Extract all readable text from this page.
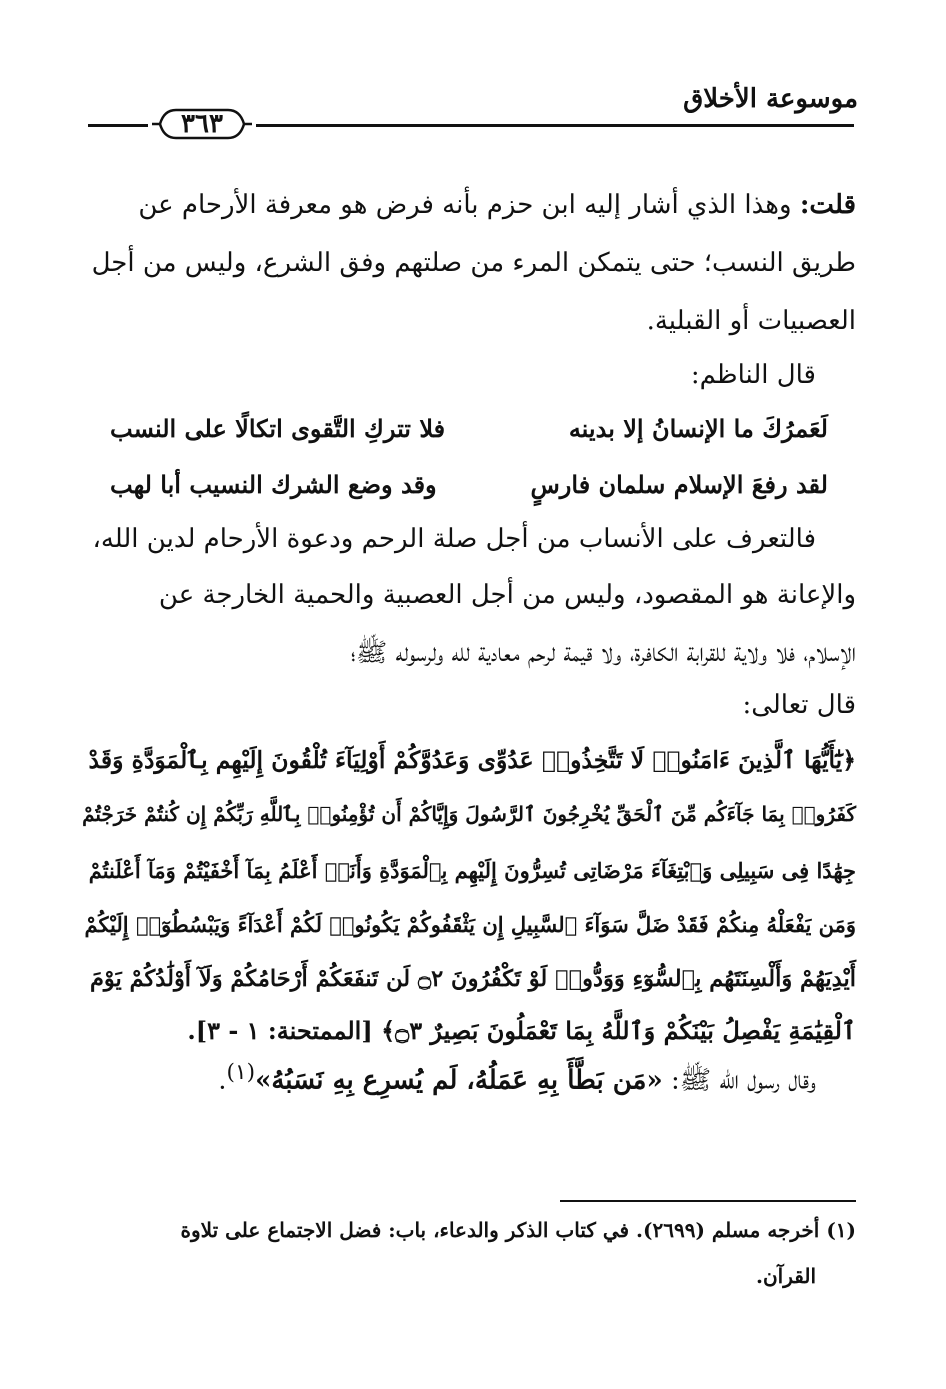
موسوعة الأخلاق
٣٦٣
قلت: وهذا الذي أشار إليه ابن حزم بأنه فرض هو معرفة الأرحام عن
طريق النسب؛ حتى يتمكن المرء من صلتهم وفق الشرع، وليس من أجل
العصبيات أو القبلية.
قال الناظم:
لَعَمرُكَ ما الإنسانُ إلا بدينه
فلا تتركِ التَّقوى اتكالًا على النسب
لقد رفعَ الإسلام سلمان فارسٍ
وقد وضع الشرك النسيب أبا لهب
فالتعرف على الأنساب من أجل صلة الرحم ودعوة الأرحام لدين الله،
والإعانة هو المقصود، وليس من أجل العصبية والحمية الخارجة عن
الإسلام، فلا ولاية للقرابة الكافرة، ولا قيمة لرحم معادية لله ولرسوله ﷺ؛
قال تعالى:
﴿يَٰٓأَيُّهَا ٱلَّذِينَ ءَامَنُوا۟ لَا تَتَّخِذُوا۟ عَدُوِّى وَعَدُوَّكُمْ أَوْلِيَآءَ تُلْقُونَ إِلَيْهِم بِٱلْمَوَدَّةِ وَقَدْ
كَفَرُوا۟ بِمَا جَآءَكُم مِّنَ ٱلْحَقِّ يُخْرِجُونَ ٱلرَّسُولَ وَإِيَّاكُمْ أَن تُؤْمِنُوا۟ بِٱللَّهِ رَبِّكُمْ إِن كُنتُمْ خَرَجْتُمْ
جِهَٰدًا فِى سَبِيلِى وَٱبْتِغَآءَ مَرْضَاتِى تُسِرُّونَ إِلَيْهِم بِٱلْمَوَدَّةِ وَأَنَا۠ أَعْلَمُ بِمَآ أَخْفَيْتُمْ وَمَآ أَعْلَنتُمْ
وَمَن يَفْعَلْهُ مِنكُمْ فَقَدْ ضَلَّ سَوَآءَ ٱلسَّبِيلِ إِن يَثْقَفُوكُمْ يَكُونُوا۟ لَكُمْ أَعْدَآءً وَيَبْسُطُوٓا۟ إِلَيْكُمْ
أَيْدِيَهُمْ وَأَلْسِنَتَهُم بِٱلسُّوٓءِ وَوَدُّوا۟ لَوْ تَكْفُرُونَ ۝٢ لَن تَنفَعَكُمْ أَرْحَامُكُمْ وَلَآ أَوْلَٰدُكُمْ يَوْمَ
ٱلْقِيَٰمَةِ يَفْصِلُ بَيْنَكُمْ وَٱللَّهُ بِمَا تَعْمَلُونَ بَصِيرٌ ۝٣﴾ [الممتحنة: ١ - ٣].
وقال رسول الله ﷺ: «مَن بَطَّأَ بِهِ عَمَلُهُ، لَم يُسرِع بِهِ نَسَبُهُ»$^{(١)}$.
(١) أخرجه مسلم (٢٦٩٩). في كتاب الذكر والدعاء، باب: فضل الاجتماع على تلاوة
القرآن.
